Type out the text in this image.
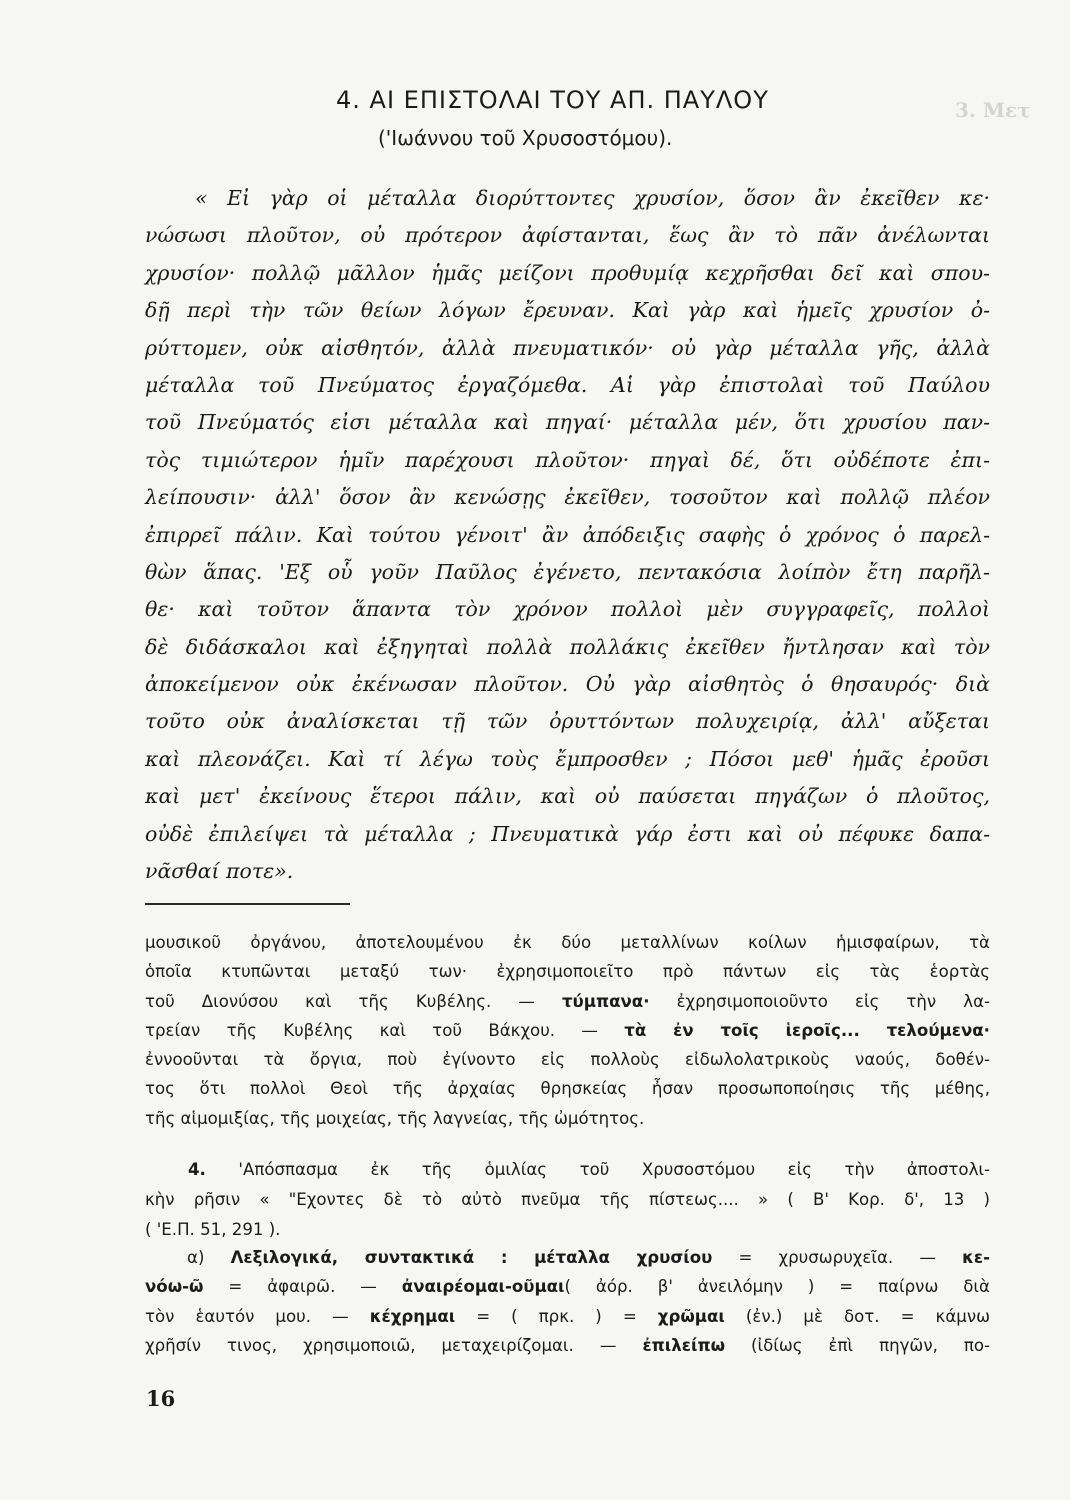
3. Μετ
4. ΑΙ ΕΠΙΣΤΟΛΑΙ ΤΟΥ ΑΠ. ΠΑΥΛΟΥ
('Ιωάννου τοῦ Χρυσοστόμου).
« Εἰ γὰρ οἱ μέταλλα διορύττοντες χρυσίον, ὅσον ἂν ἐκεῖθεν κε·
νώσωσι πλοῦτον, οὐ πρότερον ἀφίστανται, ἕως ἂν τὸ πᾶν ἀνέλωνται
χρυσίον· πολλῷ μᾶλλον ἡμᾶς μείζονι προθυμίᾳ κεχρῆσθαι δεῖ καὶ σπου-
δῇ περὶ τὴν τῶν θείων λόγων ἔρευναν. Καὶ γὰρ καὶ ἡμεῖς χρυσίον ὀ-
ρύττομεν, οὐκ αἰσθητόν, ἀλλὰ πνευματικόν· οὐ γὰρ μέταλλα γῆς, ἀλλὰ
μέταλλα τοῦ Πνεύματος ἐργαζόμεθα. Αἱ γὰρ ἐπιστολαὶ τοῦ Παύλου
τοῦ Πνεύματός εἰσι μέταλλα καὶ πηγαί· μέταλλα μέν, ὅτι χρυσίου παν-
τὸς τιμιώτερον ἡμῖν παρέχουσι πλοῦτον· πηγαὶ δέ, ὅτι οὐδέποτε ἐπι-
λείπουσιν· ἀλλ' ὅσον ἂν κενώσῃς ἐκεῖθεν, τοσοῦτον καὶ πολλῷ πλέον
ἐπιρρεῖ πάλιν. Καὶ τούτου γένοιτ' ἂν ἀπόδειξις σαφὴς ὁ χρόνος ὁ παρελ-
θὼν ἅπας. 'Εξ οὗ γοῦν Παῦλος ἐγένετο, πεντακόσια λοίπὸν ἔτη παρῆλ-
θε· καὶ τοῦτον ἅπαντα τὸν χρόνον πολλοὶ μὲν συγγραφεῖς, πολλοὶ
δὲ διδάσκαλοι καὶ ἐξηγηταὶ πολλὰ πολλάκις ἐκεῖθεν ἤντλησαν καὶ τὸν
ἀποκείμενον οὐκ ἐκένωσαν πλοῦτον. Οὐ γὰρ αἰσθητὸς ὁ θησαυρός· διὰ
τοῦτο οὐκ ἀναλίσκεται τῇ τῶν ὀρυττόντων πολυχειρίᾳ, ἀλλ' αὔξεται
καὶ πλεονάζει. Καὶ τί λέγω τοὺς ἔμπροσθεν ; Πόσοι μεθ' ἡμᾶς ἐροῦσι
καὶ μετ' ἐκείνους ἕτεροι πάλιν, καὶ οὐ παύσεται πηγάζων ὁ πλοῦτος,
οὐδὲ ἐπιλείψει τὰ μέταλλα ; Πνευματικὰ γάρ ἐστι καὶ οὐ πέφυκε δαπα-
νᾶσθαί ποτε».
μουσικοῦ ὀργάνου, ἀποτελουμένου ἐκ δύο μεταλλίνων κοίλων ἡμισφαίρων, τὰ
ὁποῖα κτυπῶνται μεταξύ των· ἐχρησιμοποιεῖτο πρὸ πάντων εἰς τὰς ἑορτὰς
τοῦ Διονύσου καὶ τῆς Κυβέλης. — τύμπανα· ἐχρησιμοποιοῦντο εἰς τὴν λα-
τρείαν τῆς Κυβέλης καὶ τοῦ Βάκχου. — τὰ ἐν τοῖς ἱεροῖς... τελούμενα·
ἐννοοῦνται τὰ ὄργια, ποὺ ἐγίνοντο εἰς πολλοὺς εἰδωλολατρικοὺς ναούς, δοθέν-
τος ὅτι πολλοὶ Θεοὶ τῆς ἀρχαίας θρησκείας ἦσαν προσωποποίησις τῆς μέθης,
τῆς αἱμομιξίας, τῆς μοιχείας, τῆς λαγνείας, τῆς ὠμότητος.
4. 'Απόσπασμα ἐκ τῆς ὁμιλίας τοῦ Χρυσοστόμου εἰς τὴν ἀποστολι-
κὴν ρῆσιν « "Εχοντες δὲ τὸ αὐτὸ πνεῦμα τῆς πίστεως.... » ( Β' Κορ. δ', 13 )
( 'Ε.Π. 51, 291 ).
α) Λεξιλογικά, συντακτικά : μέταλλα χρυσίου = χρυσωρυχεῖα. — κε-
νόω-ῶ = ἀφαιρῶ. — ἀναιρέομαι-οῦμαι( ἀόρ. β' ἀνειλόμην ) = παίρνω διὰ
τὸν ἑαυτόν μου. — κέχρημαι = ( πρκ. ) = χρῶμαι (ἐν.) μὲ δοτ. = κάμνω
χρῆσίν τινος, χρησιμοποιῶ, μεταχειρίζομαι. — ἐπιλείπω (ἰδίως ἐπὶ πηγῶν, πο-
16
